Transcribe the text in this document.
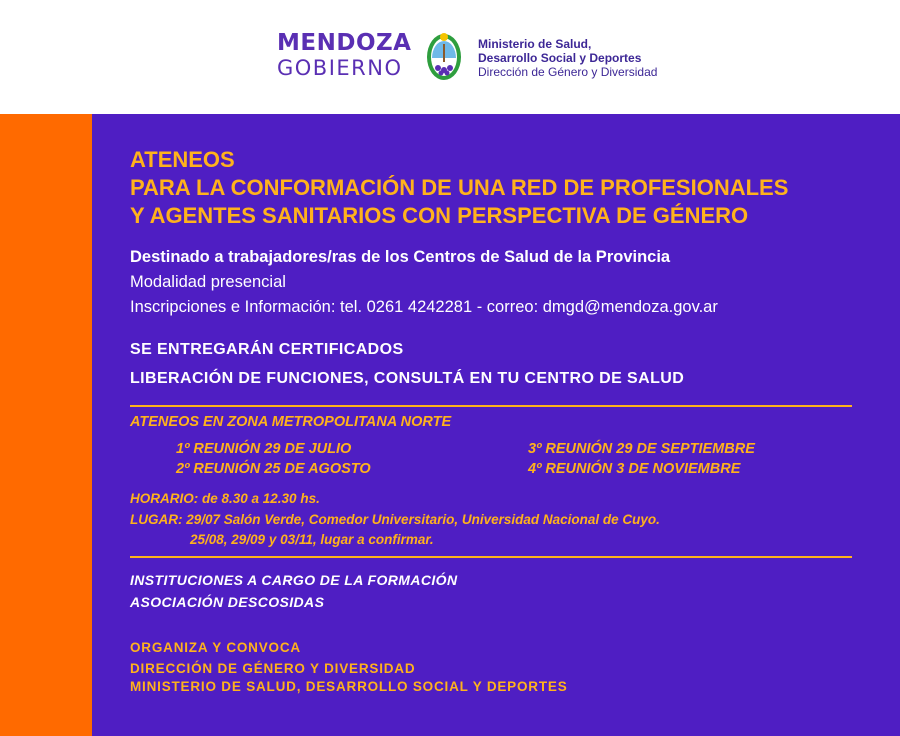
MENDOZA
GOBIERNO
Ministerio de Salud,
Desarrollo Social y Deportes
Dirección de Género y Diversidad
ATENEOS
PARA LA CONFORMACIÓN DE UNA RED DE PROFESIONALES
Y AGENTES SANITARIOS CON PERSPECTIVA DE GÉNERO
Destinado a trabajadores/ras de los Centros de Salud de la Provincia
Modalidad presencial
Inscripciones e Información: tel. 0261 4242281 - correo: dmgd@mendoza.gov.ar
SE ENTREGARÁN CERTIFICADOS
LIBERACIÓN DE FUNCIONES, CONSULTÁ EN TU CENTRO DE SALUD
ATENEOS EN ZONA METROPOLITANA NORTE
1º REUNIÓN 29 DE JULIO
2º REUNIÓN 25 DE AGOSTO
3º REUNIÓN 29 DE SEPTIEMBRE
4º REUNIÓN 3 DE NOVIEMBRE
HORARIO: de 8.30 a 12.30 hs.
LUGAR: 29/07 Salón Verde, Comedor Universitario, Universidad Nacional de Cuyo.
25/08, 29/09 y 03/11, lugar a confirmar.
INSTITUCIONES A CARGO DE LA FORMACIÓN
ASOCIACIÓN DESCOSIDAS
ORGANIZA Y CONVOCA
DIRECCIÓN DE GÉNERO Y DIVERSIDAD
MINISTERIO DE SALUD, DESARROLLO SOCIAL Y DEPORTES
